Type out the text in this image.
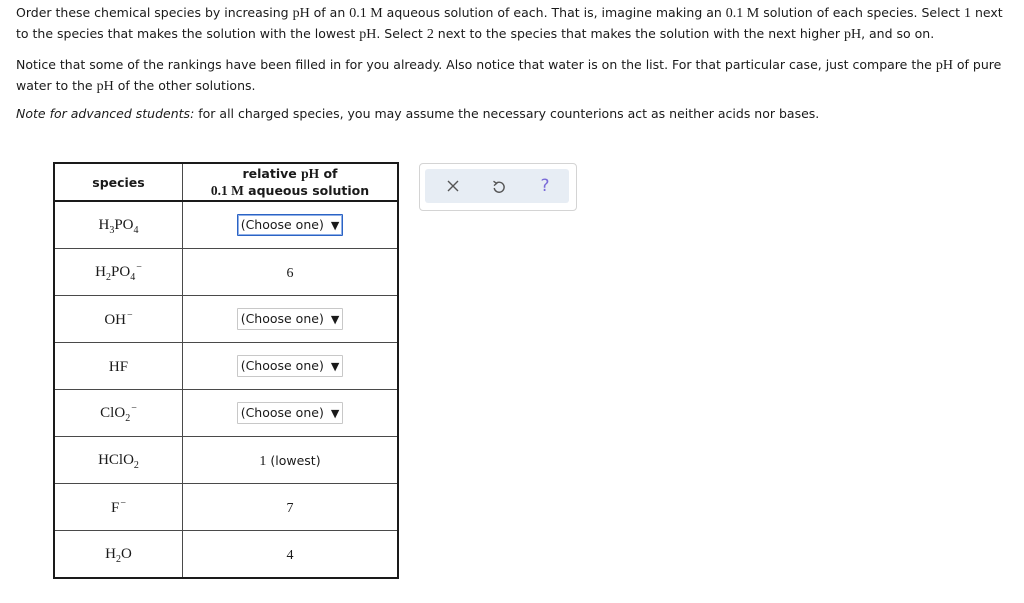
Order these chemical species by increasing pH of an 0.1 M aqueous solution of each. That is, imagine making an 0.1 M solution of each species. Select 1 next to the species that makes the solution with the lowest pH. Select 2 next to the species that makes the solution with the next higher pH, and so on.
Notice that some of the rankings have been filled in for you already. Also notice that water is on the list. For that particular case, just compare the pH of pure water to the pH of the other solutions.
Note for advanced students: for all charged species, you may assume the necessary counterions act as neither acids nor bases.
species	relative pH of
0.1 M aqueous solution
$H_3PO_4$	(Choose one) ▼
$H_2PO_4^-$	6
OH−	(Choose one) ▼
HF	(Choose one) ▼
ClO$_2$−	(Choose one) ▼
HClO$_2$	1 (lowest)
F−	7
$H_2O$	4
?
